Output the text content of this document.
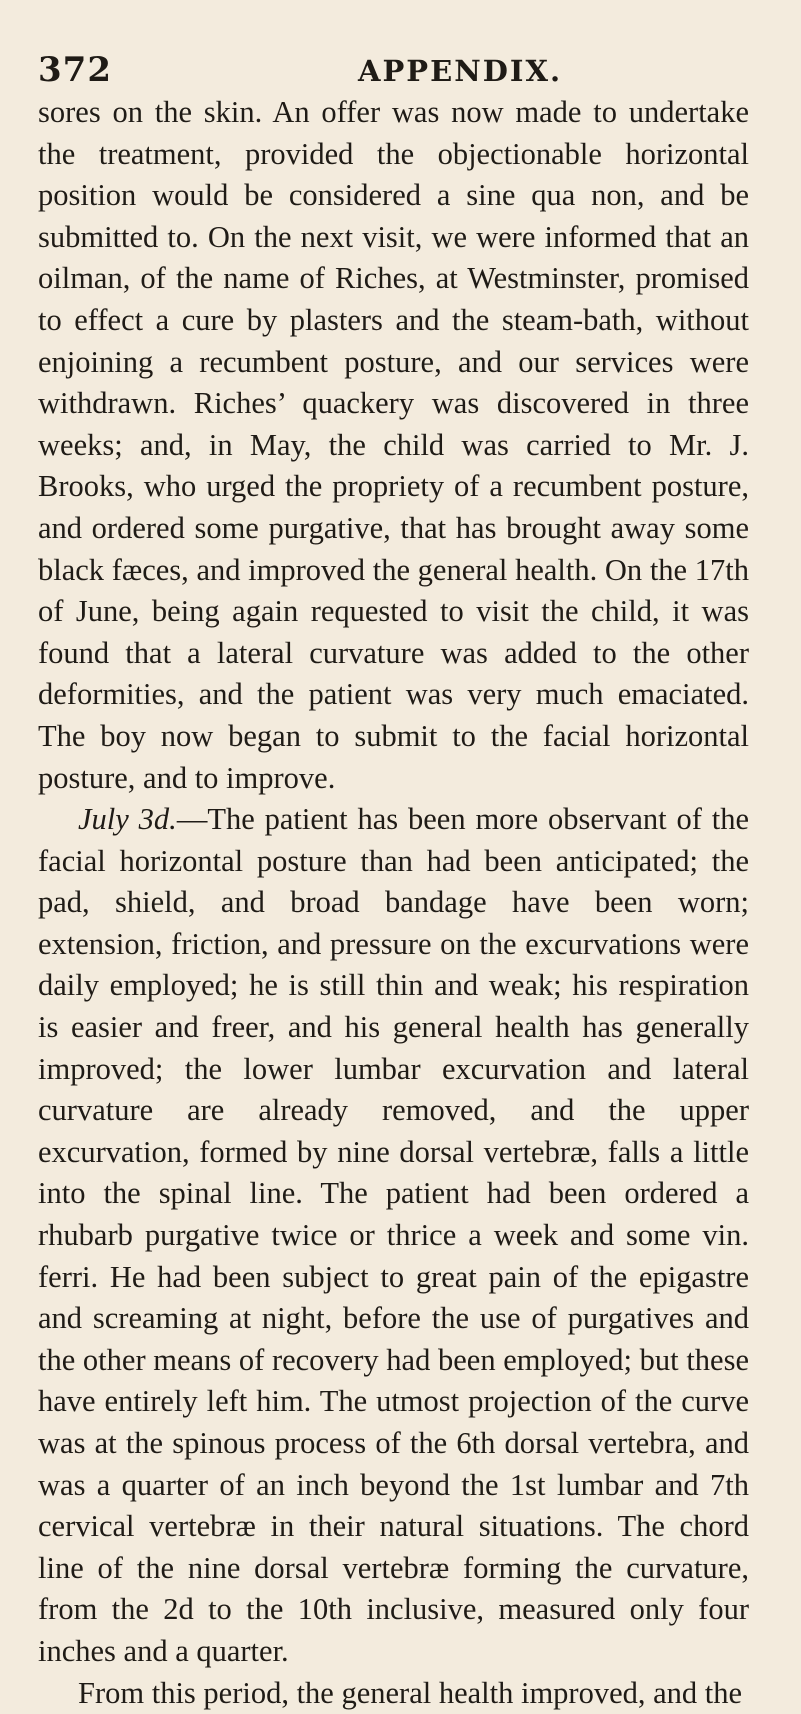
372	APPENDIX.

sores on the skin. An offer was now made to undertake the treatment, provided the objectionable horizontal position would be considered a sine qua non, and be submitted to. On the next visit, we were informed that an oilman, of the name of Riches, at Westminster, promised to effect a cure by plasters and the steam-bath, without enjoining a recumbent posture, and our services were withdrawn. Riches’ quackery was discovered in three weeks; and, in May, the child was carried to Mr. J. Brooks, who urged the propriety of a recumbent posture, and ordered some purgative, that has brought away some black fæces, and improved the general health. On the 17th of June, being again requested to visit the child, it was found that a lateral curvature was added to the other deformities, and the patient was very much emaciated. The boy now began to submit to the facial horizontal posture, and to improve.

July 3d.—The patient has been more observant of the facial horizontal posture than had been anticipated; the pad, shield, and broad bandage have been worn; extension, friction, and pressure on the excurvations were daily employed; he is still thin and weak; his respiration is easier and freer, and his general health has generally improved; the lower lumbar excurvation and lateral curvature are already removed, and the upper excurvation, formed by nine dorsal vertebræ, falls a little into the spinal line. The patient had been ordered a rhubarb purgative twice or thrice a week and some vin. ferri. He had been subject to great pain of the epigastre and screaming at night, before the use of purgatives and the other means of recovery had been employed; but these have entirely left him. The utmost projection of the curve was at the spinous process of the 6th dorsal vertebra, and was a quarter of an inch beyond the 1st lumbar and 7th cervical vertebræ in their natural situations. The chord line of the nine dorsal vertebræ forming the curvature, from the 2d to the 10th inclusive, measured only four inches and a quarter.

From this period, the general health improved, and the
